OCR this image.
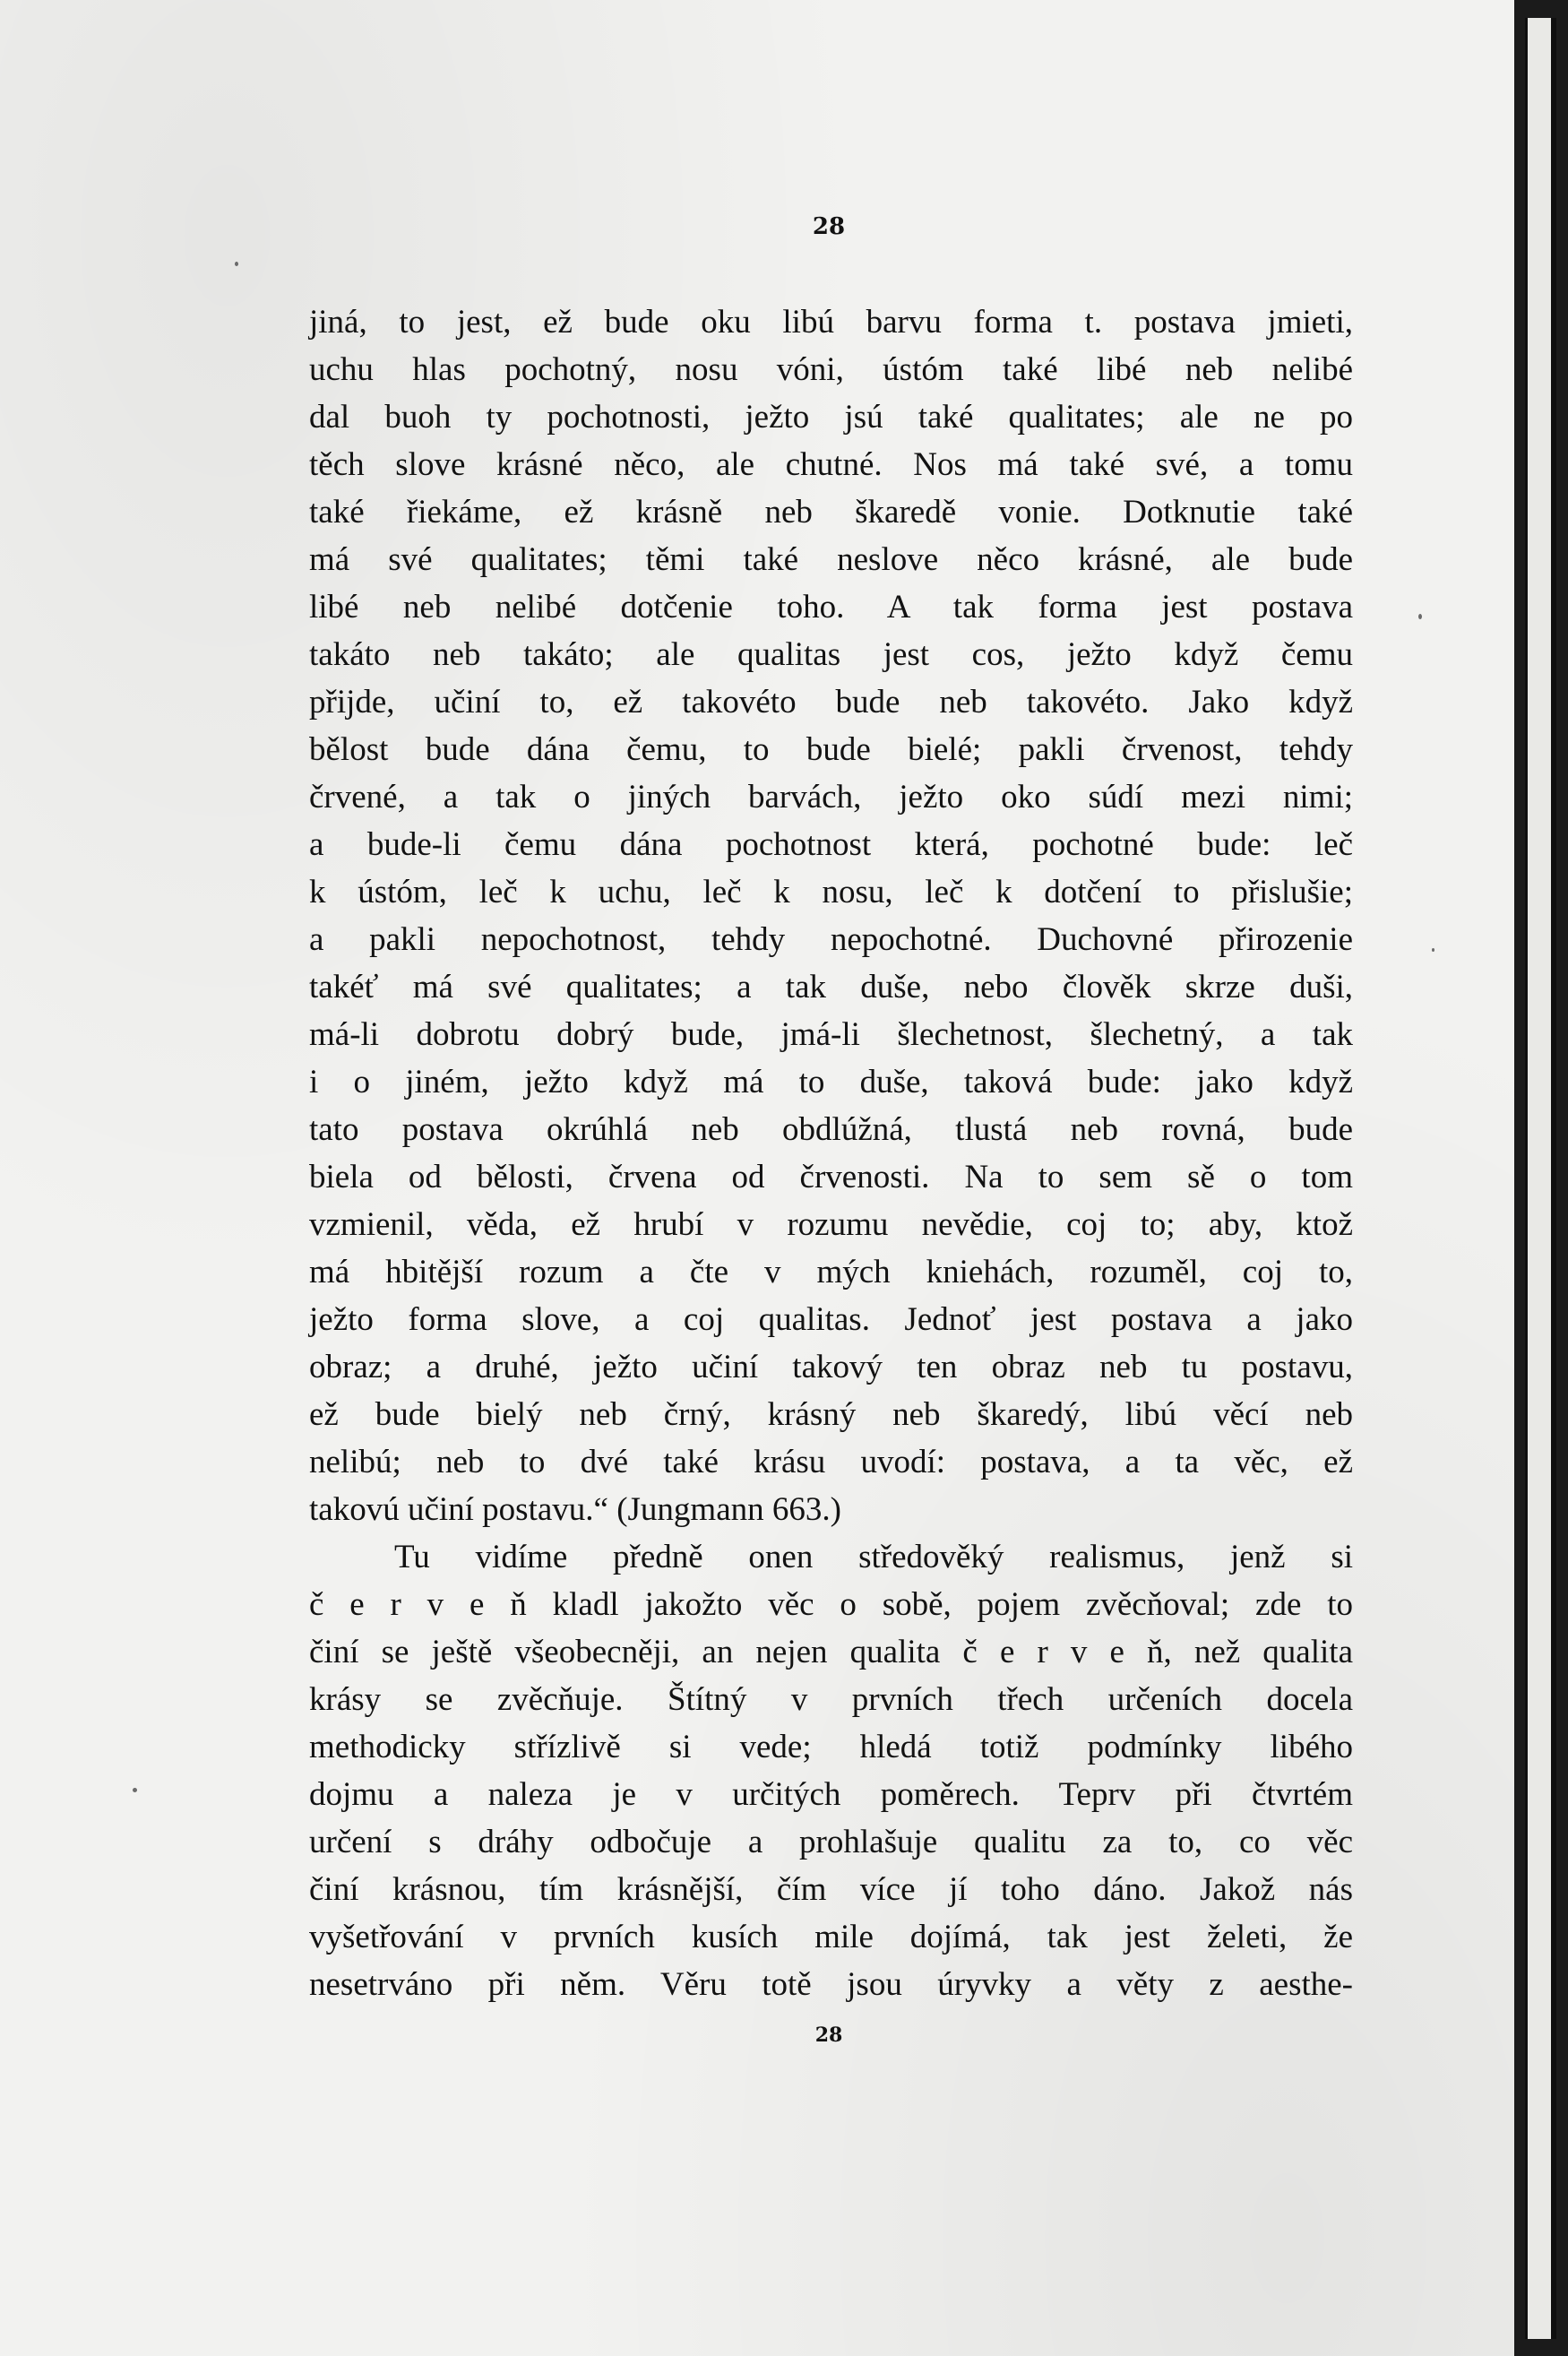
28
jiná, to jest, ež bude oku libú barvu forma t. postava jmieti,
uchu hlas pochotný, nosu vóni, ústóm také libé neb nelibé
dal buoh ty pochotnosti, ježto jsú také qualitates; ale ne po
těch slove krásné něco, ale chutné. Nos má také své, a tomu
také řiekáme, ež krásně neb škaredě vonie. Dotknutie také
má své qualitates; těmi také neslove něco krásné, ale bude
libé neb nelibé dotčenie toho. A tak forma jest postava
takáto neb takáto; ale qualitas jest cos, ježto když čemu
přijde, učiní to, ež takovéto bude neb takovéto. Jako když
bělost bude dána čemu, to bude bielé; pakli črvenost, tehdy
črvené, a tak o jiných barvách, ježto oko súdí mezi nimi;
a bude-li čemu dána pochotnost která, pochotné bude: leč
k ústóm, leč k uchu, leč k nosu, leč k dotčení to přislušie;
a pakli nepochotnost, tehdy nepochotné. Duchovné přirozenie
takéť má své qualitates; a tak duše, nebo člověk skrze duši,
má-li dobrotu dobrý bude, jmá-li šlechetnost, šlechetný, a tak
i o jiném, ježto když má to duše, taková bude: jako když
tato postava okrúhlá neb obdlúžná, tlustá neb rovná, bude
biela od bělosti, črvena od črvenosti. Na to sem sě o tom
vzmienil, věda, ež hrubí v rozumu nevědie, coj to; aby, ktož
má hbitější rozum a čte v mých kniehách, rozuměl, coj to,
ježto forma slove, a coj qualitas. Jednoť jest postava a jako
obraz; a druhé, ježto učiní takový ten obraz neb tu postavu,
ež bude bielý neb črný, krásný neb škaredý, libú věcí neb
nelibú; neb to dvé také krásu uvodí: postava, a ta věc, ež
takovú učiní postavu.“ (Jungmann 663.)
Tu vidíme předně onen středověký realismus, jenž si
č e r v e ň kladl jakožto věc o sobě, pojem zvěcňoval; zde to
činí se ještě všeobecněji, an nejen qualita č e r v e ň, než qualita
krásy se zvěcňuje. Štítný v prvních třech určeních docela
methodicky střízlivě si vede; hledá totiž podmínky libého
dojmu a naleza je v určitých poměrech. Teprv při čtvrtém
určení s dráhy odbočuje a prohlašuje qualitu za to, co věc
činí krásnou, tím krásnější, čím více jí toho dáno. Jakož nás
vyšetřování v prvních kusích mile dojímá, tak jest želeti, že
nesetrváno při něm. Věru totě jsou úryvky a věty z aesthe-
28
